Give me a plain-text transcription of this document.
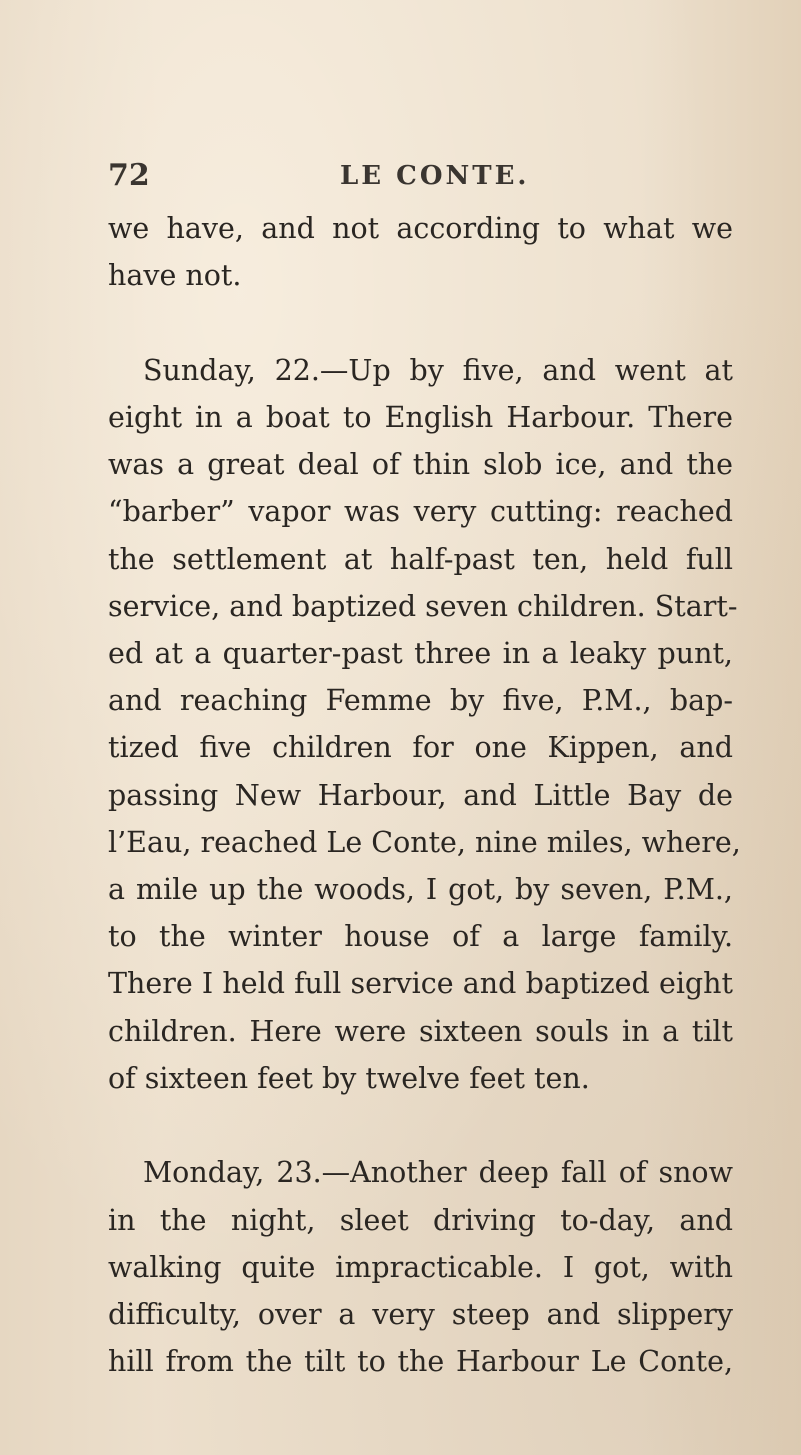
72	LE CONTE.
we have, and not according to what we
have not.
Sunday, 22.—Up by five, and went at
eight in a boat to English Harbour. There
was a great deal of thin slob ice, and the
“barber” vapor was very cutting: reached
the settlement at half-past ten, held full
service, and baptized seven children. Start-
ed at a quarter-past three in a leaky punt,
and reaching Femme by five, P.M., bap-
tized five children for one Kippen, and
passing New Harbour, and Little Bay de
l’Eau, reached Le Conte, nine miles, where,
a mile up the woods, I got, by seven, P.M.,
to the winter house of a large family.
There I held full service and baptized eight
children. Here were sixteen souls in a tilt
of sixteen feet by twelve feet ten.
Monday, 23.—Another deep fall of snow
in the night, sleet driving to-day, and
walking quite impracticable. I got, with
difficulty, over a very steep and slippery
hill from the tilt to the Harbour Le Conte,
